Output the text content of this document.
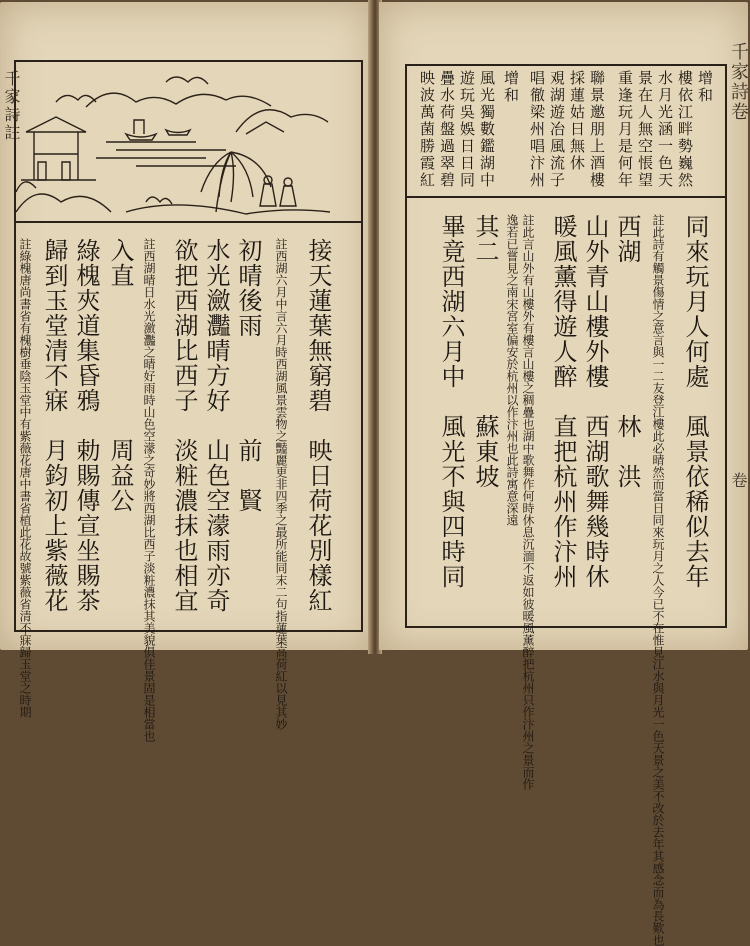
千家詩註
接天蓮葉無窮碧　映日荷花別樣紅
註西湖六月中言六月時西湖風景雲物之豔麗更非四季之最所能同末二句指蓮葉高荷紅以見其妙
初晴後雨　　　　前　賢
水光瀲灩晴方好　山色空濛雨亦奇
欲把西湖比西子　淡粧濃抹也相宜
註西湖晴日水光瀲灩之晴好雨時山色空濛之奇妙將西湖比西子淡粧濃抹其美貌俱佳景固是相當也
入直　　　　　　周益公
綠槐夾道集昏鴉　勅賜傳宣坐賜茶
歸到玉堂清不寐　月鈞初上紫薇花
註綠槐唐尚書省有槐樹垂陰玉堂中有紫薇花唐中書省植此花故號紫薇省清不寐歸玉堂之時期
千家詩卷
卷
樓依江畔勢巍然
水月光涵一色天
景在人無空悵望
重逢玩月是何年
聯景邀朋上酒樓
採蓮姑日無休
覌湖遊冶風流子
唱徹梁州唱汴州
增和
風光獨數鑑湖中
遊玩吳娛日日同
疊水荷盤過翠碧
映波萬菌勝霞紅	增和
同來玩月人何處　風景依稀似去年
註此詩有觸景傷情之意言與一二友登江樓此必晴然而當日同來玩月之人今已不在惟見江水與月光一色天景之美不改於去年其感念而為長歎也
西湖　　　　　　林　洪
山外青山樓外樓　西湖歌舞幾時休
暖風薰得遊人醉　直把杭州作汴州
註此言山外有山樓外有樓言山樓之稠疊也湖中歌舞作何時休息沉湎不返如彼暖風薰醉把杭州只作汴州之景而作
逸若已嘗見之南宋宮室偏安於杭州以作汴州也此詩寓意深遠
其二　　　　　　蘇東坡
畢竟西湖六月中　風光不與四時同
